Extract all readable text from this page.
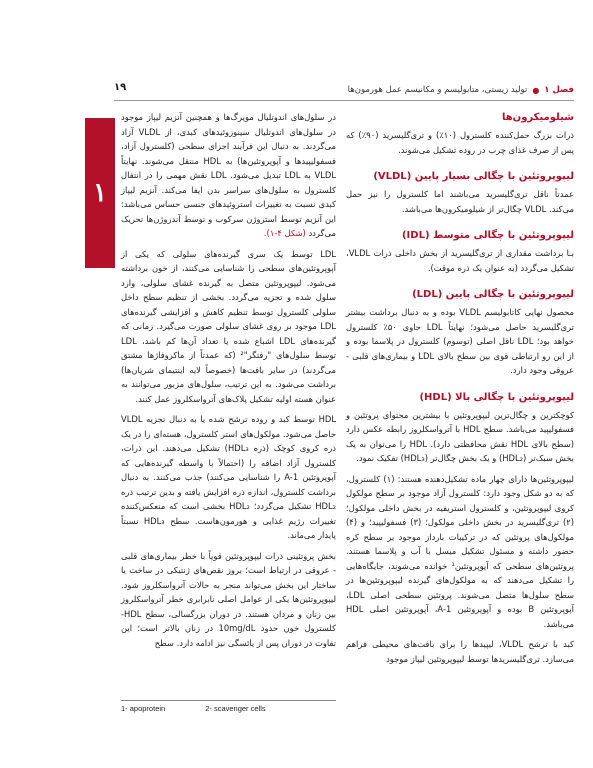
فصل ۱
●
تولید زیستی، متابولیسم و مکانیسم عمل هورمون‌ها
۱۹
۱
شیلومیکرون‌ها

ذرات بزرگ حمل‌کننده کلسترول (۱۰٪) و تری‌گلیسرید (۹۰٪) که پس از صرف غذای چرب در روده تشکیل می‌شوند.

لیپوپروتئین با چگالی بسیار پایین (VLDL)

عمدتاً ناقل تری‌گلیسرید می‌باشند اما کلسترول را نیز حمل می‌کند. VLDL چگال‌تر از شیلومیکرون‌ها می‌باشد.

لیپوپروتئین با چگالی متوسط (IDL)

بـا برداشت مقداری از تری‌گلیسرید از بخش داخلی ذرات VLDL، تشکیل می‌گردد (به عنوان یک ذره موقت).

لیپوپروتئین با چگالی پایین (LDL)

محصول نهایی کاتابولیسم VLDL بوده و به دنبال برداشت بیشتر تری‌گلیسرید حاصل می‌شود؛ نهایتاً LDL حاوی ۵۰٪ کلسترول خواهد بود؛ LDL ناقل اصلی (توسوم) کلسترول در پلاسما بوده و از این رو ارتباطی قوی بین سطح بالای LDL و بیماری‌های قلبی - عروقی وجود دارد.

لیپوپروتئین با چگالی بالا (HDL)

کوچکترین و چگال‌ترین لیپوپروتئین با بیشترین محتوای پروتئین و فسفولیپید می‌باشد. سطح HDL با آترواسکلروز رابطه عکس دارد (سطح بالای HDL نقش محافظتی دارد). HDL را می‌توان به یک بخش سبک‌تر (HDL₂) و یک بخش چگال‌تر (HDL₃) تفکیک نمود.

لیپوپروتئین‌ها دارای چهار ماده تشکیل‌دهنده هستند: (۱) کلسترول، که به دو شکل وجود دارد: کلسترول آزاد موجود بر سطح مولکول کروی لیپوپروتئین، و کلسترول استریفیه در بخش داخلی مولکول؛ (۲) تری‌گلیسرید در بخش داخلی مولکول؛ (۳) فسفولیپید؛ و (۴) مولکول‌های پروتئین که در ترکیبات بارداز موجود بر سطح کره حضور داشته و مسئول تشکیل میسل با آب و پلاسما هستند. پروتئین‌های سطحی که آپوپروتئین¹ خوانده می‌شوند، جایگاه‌هایی را تشکیل می‌دهند که به مولکول‌های گیرنده لیپوپروتئین‌ها در سطح سلول‌ها متصل می‌شوند. پروتئین سطحی اصلی LDL، آپوپروتئین B بوده و آپوپروتئین A-1، آپوپروتئین اصلی HDL می‌باشد.

کبد با ترشح VLDL، لیپیدها را برای بافت‌های محیطی فراهم می‌سازد. تری‌گلیسریدها توسط لیپوپروتئین لیپاز موجود

در سلول‌های اندوتلیال مویرگ‌ها و همچنین آنزیم لیپاز موجود در سلول‌های اندوتلیال سینوزوئیدهای کبدی، از VLDL آزاد می‌گردند. به دنبال این فرآیند اجزای سطحی (کلسترول آزاد، فسفولیپیدها و آپوپروتئین‌ها) به HDL منتقل می‌شوند. نهایتاً VLDL به LDL تبدیل می‌شود. LDL نقش مهمی را در انتقال کلسترول به سلول‌های سراسر بدن ایفا می‌کند. آنزیم لیپاز کبدی نسبت به تغییرات استروئیدهای جنسی حساس می‌باشد: این آنزیم توسط استروژن سرکوب و توسط آندروژن‌ها تحریک می‌گردد (شکل ۴-۱).

LDL توسط یک سری گیرنده‌های سلولی که یکی از آپوپروتئین‌های سطحی را شناسایی می‌کنند، از خون برداشته می‌شود. لیپوپروتئین متصل به گیرنده غشای سلولی، وارد سلول شده و تجزیه می‌گردد. بخشی از تنظیم سطح داخل سلولی کلسترول توسط تنظیم کاهش و افزایشی گیرنده‌های LDL موجود بر روی غشای سلولی صورت می‌گیرد. زمانی که گیرنده‌های LDL اشباع شده یا تعداد آن‌ها کم باشد، LDL توسط سلول‌های "رفتگر"² (که عمدتاً از ماکروفاژها مشتق می‌گردند) در سایر بافت‌ها (خصوصاً لایه اینتیمای شریان‌ها) برداشت می‌شود. به این ترتیب، سلول‌های مزبور می‌توانند به عنوان هسته اولیه تشکیل پلاک‌های آترواسکلروز عمل کنند.

HDL توسط کبد و روده ترشح شده یا به دنبال تجزیه VLDL حاصل می‌شود. مولکول‌های استر کلسترول، هسته‌ای را در یک ذره کروی کوچک (ذره HDL₃) تشکیل می‌دهند. این ذرات، کلسترول آزاد اضافه را (احتمالاً با واسطه گیرنده‌هایی که آپوپروتئین A-1 را شناسایی می‌کنند) جذب می‌کنند. به دنبال برداشت کلسترول، اندازه ذره افزایش یافته و بدین ترتیب ذره HDL₂ تشکیل می‌گردد؛ HDL₂ بخشی است که منعکس‌کننده تغییرات رژیم غذایی و هورمون‌هاست. سطح HDL₃ نسبتاً پایدار می‌ماند.

بخش پروتئینی ذرات لیپوپروتئین قویاً با خطر بیماری‌های قلبی - عروقی در ارتباط است؛ بروز نقص‌های ژنتیکی در ساخت یا ساختار این بخش می‌تواند منجر به حالات آترواسکلروز شود. لیپوپروتئین‌ها یکی از عوامل اصلی نابرابری خطر آترواسکلروز بین زنان و مردان هستند. در دوران بزرگسالی، سطح HDL- کلسترول خون حدود 10mg/dL در زنان بالاتر است؛ این تفاوت در دوران پس از یائسگی نیز ادامه دارد. سطح

1- apoprotein	2- scavenger cells
